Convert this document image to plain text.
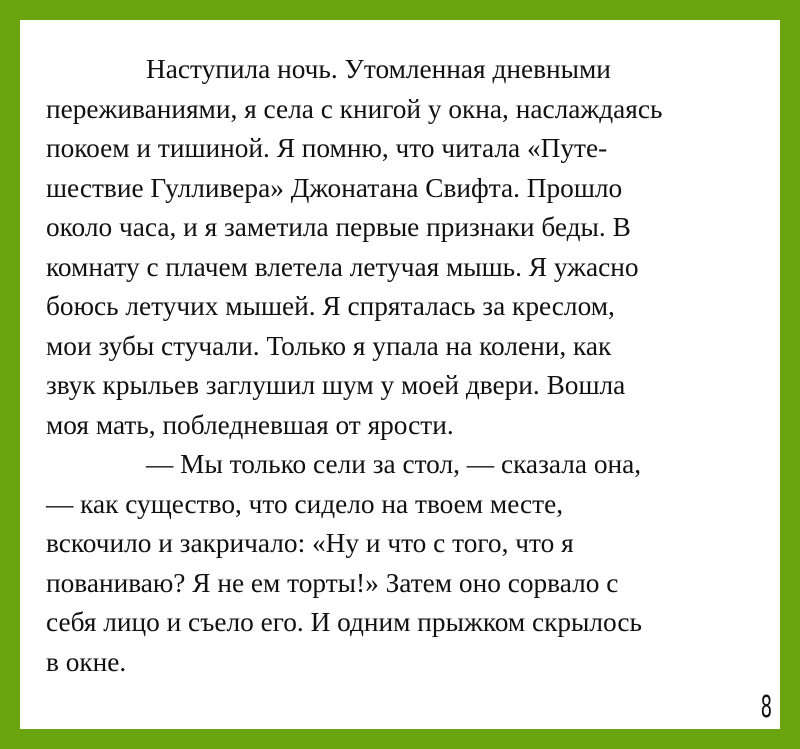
Наступила ночь. Утомленная дневными
переживаниями, я села с книгой у окна, наслаждаясь
покоем и тишиной. Я помню, что читала «Путе-
шествие Гулливера» Джонатана Свифта. Прошло
около часа, и я заметила первые признаки беды. В
комнату с плачем влетела летучая мышь. Я ужасно
боюсь летучих мышей. Я спряталась за креслом,
мои зубы стучали. Только я упала на колени, как
звук крыльев заглушил шум у моей двери. Вошла
моя мать, побледневшая от ярости.
— Мы только сели за стол, — сказала она,
— как существо, что сидело на твоем месте,
вскочило и закричало: «Ну и что с того, что я
пованиваю? Я не ем торты!» Затем оно сорвало с
себя лицо и съело его. И одним прыжком скрылось
в окне.
8
